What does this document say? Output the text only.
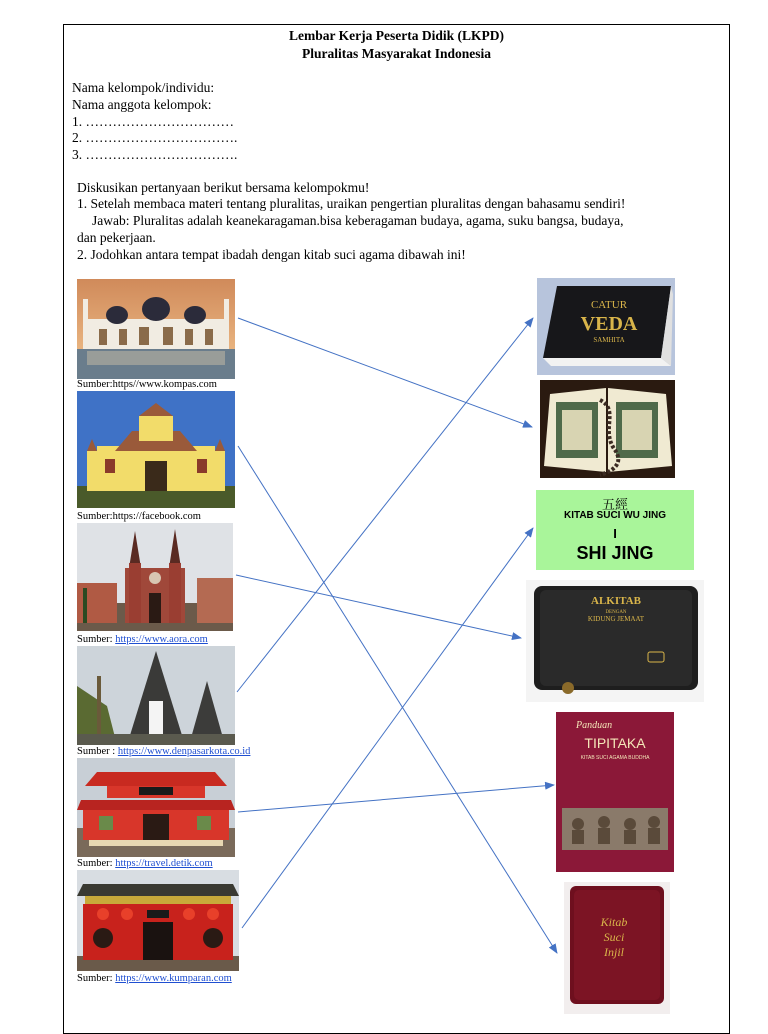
Lembar Kerja Peserta Didik (LKPD)
Pluralitas Masyarakat Indonesia
Nama kelompok/individu:
Nama anggota kelompok:
1. ……………………………
2. …………………………….
3. …………………………….
Diskusikan pertanyaan berikut bersama kelompokmu!
1. Setelah membaca materi tentang pluralitas, uraikan pengertian pluralitas dengan bahasamu sendiri!
Jawab: Pluralitas adalah keanekaragaman.bisa keberagaman budaya, agama, suku bangsa, budaya,
dan pekerjaan.
2. Jodohkan antara tempat ibadah dengan kitab suci agama dibawah ini!
Sumber:https//www.kompas.com
Sumber:https://facebook.com
Sumber: https://www.aora.com
Sumber : https://www.denpasarkota.co.id
Sumber: https://travel.detik.com
Sumber: https://www.kumparan.com
CATUR
VEDA
SAMHITA
五經
KITAB SUCI WU JING
I
SHI JING
ALKITAB
DENGAN
KIDUNG JEMAAT
Panduan
TIPITAKA
KITAB SUCI AGAMA BUDDHA
Kitab
Suci
Injil
